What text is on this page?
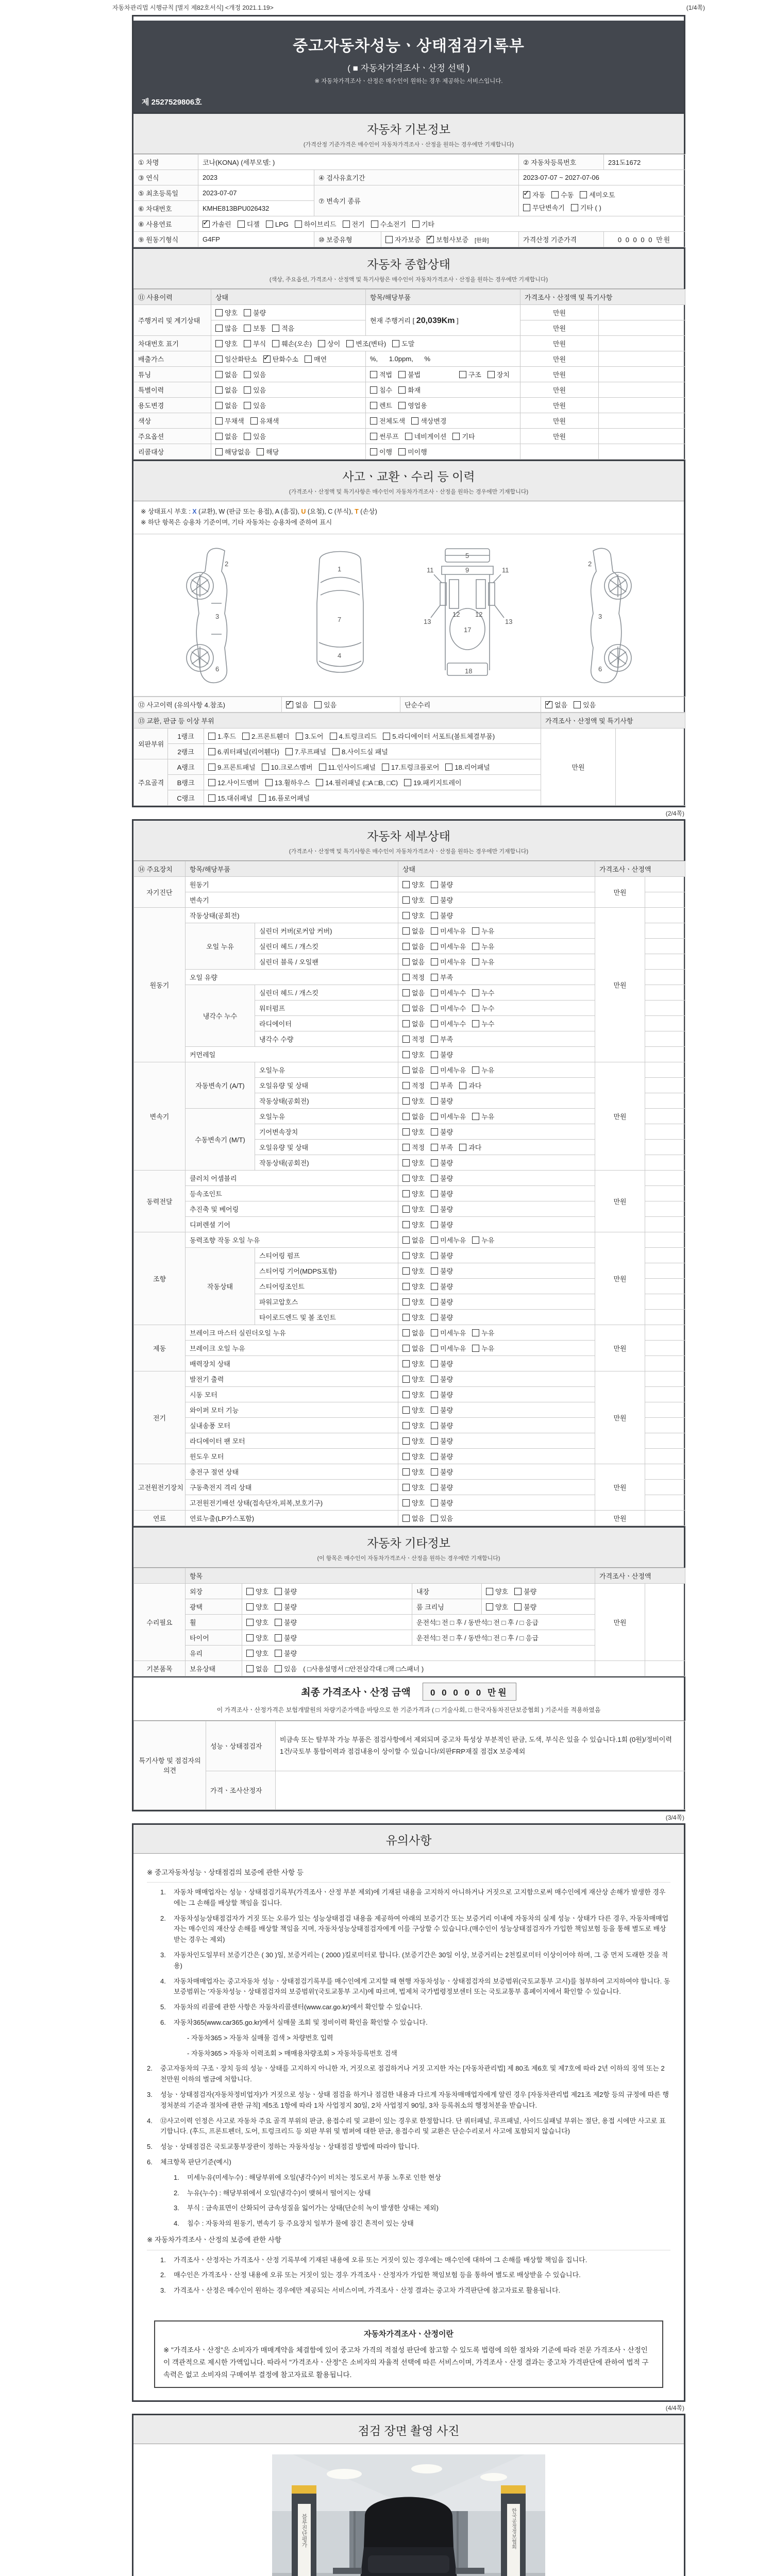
자동차관리법 시행규칙 [별지 제82호서식] <개정 2021.1.19>	(1/4쪽)
중고자동차성능ㆍ상태점검기록부
( ■ 자동차가격조사ㆍ산정 선택 )
※ 자동차가격조사ㆍ산정은 매수인이 원하는 경우 제공하는 서비스입니다.
제 2527529806호
자동차 기본정보
(가격산정 기준가격은 매수인이 자동차가격조사ㆍ산정을 원하는 경우에만 기재합니다)
① 차명	코나(KONA) (세부모델: )			② 자동차등록번호	231도1672
③ 연식	2023	④ 검사유효기간		2023-07-07 ~ 2027-07-06	
⑤ 최초등록일	2023-07-07	⑦ 변속기 종류	
✓자동 수동 세미오토
무단변속기 기타 ( )

⑥ 차대번호	KMHE813BPU026432				
⑧ 사용연료	✓가솔린 디젤 LPG 하이브리드 전기 수소전기 기타
⑨ 원동기형식	G4FP	⑩ 보증유형	자가보증 ✓ 보험사보증 [한화]	가격산정 기준가격	0 0 0 0 0 만원
자동차 종합상태
(색상, 주요옵션, 가격조사ㆍ산정액 및 특기사항은 매수인이 자동차가격조사ㆍ산정을 원하는 경우에만 기재합니다)
⑪ 사용이력	상태	항목/해당부품	가격조사ㆍ산정액 및 특기사항	
주행거리 및 계기상태	양호 불량	현재 주행거리 [ 20,039Km ]	만원	
	많음 보통 적음		만원	
차대번호 표기	양호 부식 훼손(오손) 상이 변조(변타) 도말		만원	
배출가스	일산화탄소 ✓ 탄화수소 매연	%,      1.0ppm,      %	만원	
튜닝	없음 있음	적법 불법 구조 장치	만원	
특별이력	없음 있음	침수 화재	만원	
용도변경	없음 있음	렌트 영업용	만원	
색상	무채색 유채색	전체도색 색상변경	만원	
주요옵션	없음 있음	썬루프 네비게이션 기타	만원	
리콜대상	해당없음 해당	이행 미이행		
사고ㆍ교환ㆍ수리 등 이력
(가격조사ㆍ산정액 및 특기사항은 매수인이 자동차가격조사ㆍ산정을 원하는 경우에만 기재합니다)
※ 상태표시 부호 : X (교환), W (판금 또는 용접), A (흠집), U (요철), C (부식), T (손상)
※ 하단 항목은 승용차 기준이며, 기타 자동차는 승용차에 준하여 표시
2
3
6
1
7
4
5
9
11	11
13	13
12 12
17
18
2
3
6
⑫ 사고이력 (유의사항 4.참조)	✓없음 있음	단순수리	✓없음 있음
⑬ 교환, 판금 등 이상 부위			가격조사ㆍ산정액 및 특기사항	
외판부위	1랭크	1.후드 2.프론트휀더 3.도어 4.트렁크리드 5.라디에이터 서포트(볼트체결부품)	만원	
	2랭크	6.쿼터패널(리어휀다) 7.루프패널 8.사이드실 패널		
주요골격	A랭크	9.프론트패널 10.크로스멤버 11.인사이드패널 17.트렁크플로어 18.리어패널		
	B랭크	12.사이드멤버 13.휠하우스 14.필러패널 (□A □B, □C) 19.패키지트레이		
	C랭크	15.대쉬패널 16.플로어패널		
(2/4쪽)
자동차 세부상태
(가격조사ㆍ산정액 및 특기사항은 매수인이 자동차가격조사ㆍ산정을 원하는 경우에만 기재합니다)
⑭ 주요장치	항목/해당부품		상태	가격조사ㆍ산정액	
자기진단	원동기		양호 불량	만원	
	변속기		양호 불량		
원동기	작동상태(공회전)		양호 불량	만원	
	오일 누유	실린더 커버(로커암 커버)	없음 미세누유 누유		
		실린더 헤드 / 개스킷	없음 미세누유 누유		
		실린더 블록 / 오일팬	없음 미세누유 누유		
	오일 유량		적정 부족		
	냉각수 누수	실린더 헤드 / 개스킷	없음 미세누수 누수		
		워터펌프	없음 미세누수 누수		
		라디에이터	없음 미세누수 누수		
		냉각수 수량	적정 부족		
	커먼레일		양호 불량		
변속기	자동변속기 (A/T)	오일누유	없음 미세누유 누유	만원	
		오일유량 및 상태	적정 부족 과다		
		작동상태(공회전)	양호 불량		
	수동변속기 (M/T)	오일누유	없음 미세누유 누유		
		기어변속장치	양호 불량		
		오일유량 및 상태	적정 부족 과다		
		작동상태(공회전)	양호 불량		
동력전달	클러치 어셈블리		양호 불량	만원	
	등속조인트		양호 불량		
	추진축 및 베어링		양호 불량		
	디퍼렌셜 기어		양호 불량		
조향	동력조향 작동 오일 누유		없음 미세누유 누유	만원	
	작동상태	스티어링 펌프	양호 불량		
		스티어링 기어(MDPS포함)	양호 불량		
		스티어링조인트	양호 불량		
		파워고압호스	양호 불량		
		타이로드엔드 및 볼 조인트	양호 불량		
제동	브레이크 마스터 실린더오일 누유		없음 미세누유 누유	만원	
	브레이크 오일 누유		없음 미세누유 누유		
	배력장치 상태		양호 불량		
전기	발전기 출력		양호 불량	만원	
	시동 모터		양호 불량		
	와이퍼 모터 기능		양호 불량		
	실내송풍 모터		양호 불량		
	라디에이터 팬 모터		양호 불량		
	윈도우 모터		양호 불량		
고전원전기장치	충전구 절연 상태		양호 불량	만원	
	구동축전지 격리 상태		양호 불량		
	고전원전기배선 상태(접속단자,피복,보호기구)		양호 불량		
연료	연료누출(LP가스포함)		없음 있음	만원	
자동차 기타정보
(이 항목은 매수인이 자동차가격조사ㆍ산정을 원하는 경우에만 기재합니다)
	항목				가격조사ㆍ산정액	
수리필요	외장	양호 불량	내장	양호 불량	만원	
	광택	양호 불량	룸 크리닝	양호 불량		
	휠	양호 불량	운전석□ 전 □ 후 / 동반석□ 전 □ 후 / □ 응급			
	타이어	양호 불량	운전석□ 전 □ 후 / 동반석□ 전 □ 후 / □ 응급			
	유리	양호 불량				
기본품목	보유상태	없음 있음 ( □사용설명서 □안전삼각대 □잭 □스패너 )				
최종 가격조사ㆍ산정 금액 0 0 0 0 0 만원
이 가격조사ㆍ산정가격은 보험개발원의 차량기준가액을 바탕으로 한 기준가격과 ( □ 기술사회, □ 한국자동차진단보증협회 ) 기준서를 적용하였음
특기사항 및 점검자의 의견	성능ㆍ상태점검자	비금속 또는 탈부착 가능 부품은 점검사항에서 제외되며 중고차 특성상 부분적인 판금, 도색, 부식은 있을 수 있습니다.1회 (0원)/정비이력 1건/국토부 통합이력과 점검내용이 상이할 수 있습니다/외판FRP재질 점검X 보증제외
	가격ㆍ조사산정자	
(3/4쪽)
유의사항
※ 중고자동차성능ㆍ상태점검의 보증에 관한 사항 등
1.	자동차 매매업자는 성능ㆍ상태점검기록부(가격조사ㆍ산정 부분 제외)에 기재된 내용을 고지하지 아니하거나 거짓으로 고지함으로써 매수인에게 재산상 손해가 발생한 경우에는 그 손해를 배상할 책임을 집니다.
2.	자동차성능상태점검자가 거짓 또는 오류가 있는 성능상태점검 내용을 제공하여 아래의 보증기간 또는 보증거리 이내에 자동차의 실제 성능ㆍ상태가 다른 경우, 자동차매매업자는 매수인의 재산상 손해를 배상할 책임을 지며, 자동차성능상태점검자에게 이를 구상할 수 있습니다.(매수인이 성능상태점검자가 가입한 책임보험 등을 통해 별도로 배상받는 경우는 제외)
3.	자동차인도일부터 보증기간은 ( 30 )일, 보증거리는 ( 2000 )킬로미터로 합니다. (보증기간은 30일 이상, 보증거리는 2천킬로미터 이상이어야 하며, 그 중 먼저 도래한 것을 적용)
4.	자동차매매업자는 중고자동차 성능ㆍ상태점검기록부를 매수인에게 고지할 때 현행 자동차성능ㆍ상태점검자의 보증범위(국토교통부 고시)를 첨부하여 고지하여야 합니다. 동 보증범위는 '자동차성능ㆍ상태점검자의 보증범위'(국토교통부 고시)에 따르며, 법제처 국가법령정보센터 또는 국토교통부 홈페이지에서 확인할 수 있습니다.
5.	자동차의 리콜에 관한 사항은 자동차리콜센터(www.car.go.kr)에서 확인할 수 있습니다.
6.	자동차365(www.car365.go.kr)에서 실매물 조회 및 정비이력 확인을 확인할 수 있습니다.
- 자동차365 > 자동차 실매물 검색 > 차량번호 입력
- 자동차365 > 자동차 이력조회 > 매매용차량조회 > 자동차등록번호 검색
2.	중고자동차의 구조ㆍ장치 등의 성능ㆍ상태를 고지하지 아니한 자, 거짓으로 점검하거나 거짓 고지한 자는 [자동차관리법] 제 80조 제6호 및 제7호에 따라 2년 이하의 징역 또는 2천만원 이하의 벌금에 처합니다.
3.	성능ㆍ상태점검자(자동차정비업자)가 거짓으로 성능ㆍ상태 점검을 하거나 점검한 내용과 다르게 자동차매매업자에게 알린 경우 [자동차관리법 제21조 제2항 등의 규정에 따른 행정처분의 기준과 절차에 관한 규칙] 제5조 1항에 따라 1차 사업정지 30일, 2차 사업정지 90일, 3차 등록취소의 행정처분을 받습니다.
4.	⑫사고이력 인정은 사고로 자동차 주요 골격 부위의 판금, 용접수리 및 교환이 있는 경우로 한정합니다. 단 쿼터패널, 루프패널, 사이드실패널 부위는 절단, 용접 시에만 사고로 표기합니다. (후드, 프론트펜더, 도어, 트렁크리드 등 외판 부위 및 범퍼에 대한 판금, 용접수리 및 교환은 단순수리로서 사고에 포함되지 않습니다)
5.	성능ㆍ상태점검은 국토교통부장관이 정하는 자동차성능ㆍ상태점검 방법에 따라야 합니다.
6.	체크항목 판단기준(예시)
1.	미세누유(미세누수) : 해당부위에 오일(냉각수)이 비치는 정도로서 부품 노후로 인한 현상
2.	누유(누수) : 해당부위에서 오일(냉각수)이 맺혀서 떨어지는 상태
3.	부식 : 금속표면이 산화되어 금속성질을 잃어가는 상태(단순히 녹이 발생한 상태는 제외)
4.	침수 : 자동차의 원동기, 변속기 등 주요장치 일부가 물에 잠긴 흔적이 있는 상태
※ 자동차가격조사ㆍ산정의 보증에 관한 사항
1.	가격조사ㆍ산정자는 가격조사ㆍ산정 기록부에 기재된 내용에 오류 또는 거짓이 있는 경우에는 매수인에 대하여 그 손해를 배상할 책임을 집니다.
2.	매수인은 가격조사ㆍ산정 내용에 오류 또는 거짓이 있는 경우 가격조사ㆍ산정자가 가입한 책임보험 등을 통하여 별도로 배상받을 수 있습니다.
3.	가격조사ㆍ산정은 매수인이 원하는 경우에만 제공되는 서비스이며, 가격조사ㆍ산정 결과는 중고차 가격판단에 참고자료로 활용됩니다.
자동차가격조사ㆍ산정이란
※ "가격조사ㆍ산정"은 소비자가 매매계약을 체결함에 있어 중고차 가격의 적절성 판단에 참고할 수 있도록 법령에 의한 절차와 기준에 따라 전문 가격조사ㆍ산정인이 객관적으로 제시한 가액입니다. 따라서 "가격조사ㆍ산정"은 소비자의 자율적 선택에 따른 서비스이며, 가격조사ㆍ산정 결과는 중고차 가격판단에 관하여 법적 구속력은 없고 소비자의 구매여부 결정에 참고자료로 활용됩니다.
(4/4쪽)
점검 장면 촬영 사진
블루진단평가	한국공정정보협회
